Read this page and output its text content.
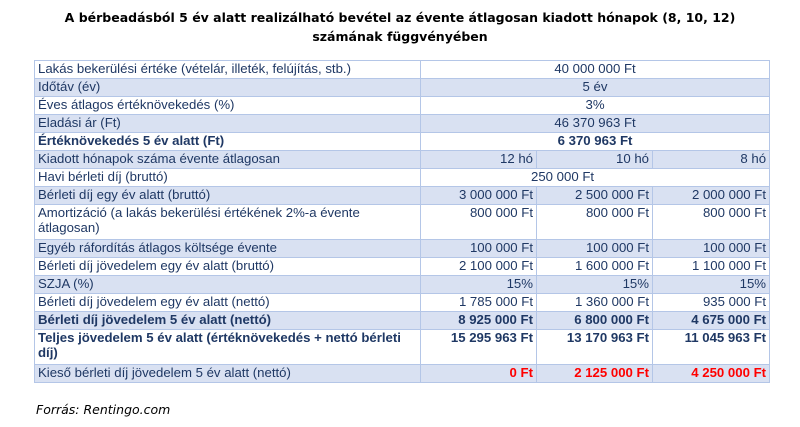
A bérbeadásból 5 év alatt realizálható bevétel az évente átlagosan kiadott hónapok (8, 10, 12)
számának függvényében
Lakás bekerülési értéke (vételár, illeték, felújítás, stb.)	40 000 000 Ft		
Időtáv (év)	5 év		
Éves átlagos értéknövekedés (%)	3%		
Eladási ár (Ft)	46 370 963 Ft		
Értéknövekedés 5 év alatt (Ft)	6 370 963 Ft		
Kiadott hónapok száma évente átlagosan	12 hó	10 hó	8 hó
Havi bérleti díj (bruttó)	250 000 Ft		
Bérleti díj egy év alatt (bruttó)	3 000 000 Ft	2 500 000 Ft	2 000 000 Ft
Amortizáció (a lakás bekerülési értékének 2%-a évente átlagosan)	800 000 Ft	800 000 Ft	800 000 Ft
Egyéb ráfordítás átlagos költsége évente	100 000 Ft	100 000 Ft	100 000 Ft
Bérleti díj jövedelem egy év alatt (bruttó)	2 100 000 Ft	1 600 000 Ft	1 100 000 Ft
SZJA (%)	15%	15%	15%
Bérleti díj jövedelem egy év alatt (nettó)	1 785 000 Ft	1 360 000 Ft	935 000 Ft
Bérleti díj jövedelem 5 év alatt (nettó)	8 925 000 Ft	6 800 000 Ft	4 675 000 Ft
Teljes jövedelem 5 év alatt (értéknövekedés + nettó bérleti díj)	15 295 963 Ft	13 170 963 Ft	11 045 963 Ft
Kieső bérleti díj jövedelem 5 év alatt (nettó)	0 Ft	2 125 000 Ft	4 250 000 Ft
Forrás: Rentingo.com
